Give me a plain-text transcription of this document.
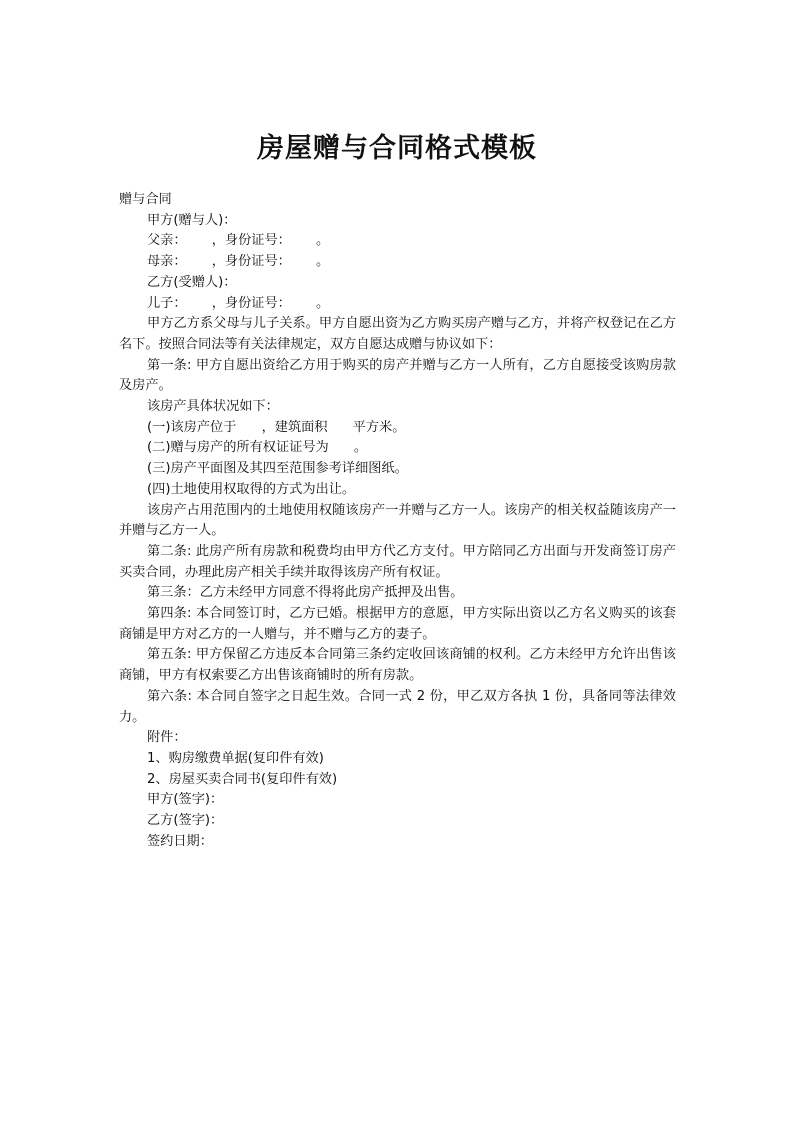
房屋赠与合同格式模板

赠与合同

甲方(赠与人)：

父亲：      ，身份证号：      。

母亲：      ，身份证号：      。

乙方(受赠人)：

儿子：      ，身份证号：      。

甲方乙方系父母与儿子关系。甲方自愿出资为乙方购买房产赠与乙方，并将产权登记在乙方名下。按照合同法等有关法律规定，双方自愿达成赠与协议如下：

第一条: 甲方自愿出资给乙方用于购买的房产并赠与乙方一人所有，乙方自愿接受该购房款及房产。

该房产具体状况如下：

(一)该房产位于      ，建筑面积      平方米。

(二)赠与房产的所有权证证号为      。

(三)房产平面图及其四至范围参考详细图纸。

(四)土地使用权取得的方式为出让。

该房产占用范围内的土地使用权随该房产一并赠与乙方一人。该房产的相关权益随该房产一并赠与乙方一人。

第二条: 此房产所有房款和税费均由甲方代乙方支付。甲方陪同乙方出面与开发商签订房产买卖合同，办理此房产相关手续并取得该房产所有权证。

第三条：乙方未经甲方同意不得将此房产抵押及出售。

第四条: 本合同签订时，乙方已婚。根据甲方的意愿，甲方实际出资以乙方名义购买的该套商铺是甲方对乙方的一人赠与，并不赠与乙方的妻子。

第五条: 甲方保留乙方违反本合同第三条约定收回该商铺的权利。乙方未经甲方允许出售该商铺，甲方有权索要乙方出售该商铺时的所有房款。

第六条: 本合同自签字之日起生效。合同一式 2 份，甲乙双方各执 1 份，具备同等法律效力。

附件：

1、购房缴费单据(复印件有效)

2、房屋买卖合同书(复印件有效)

甲方(签字)：

乙方(签字)：

签约日期：
